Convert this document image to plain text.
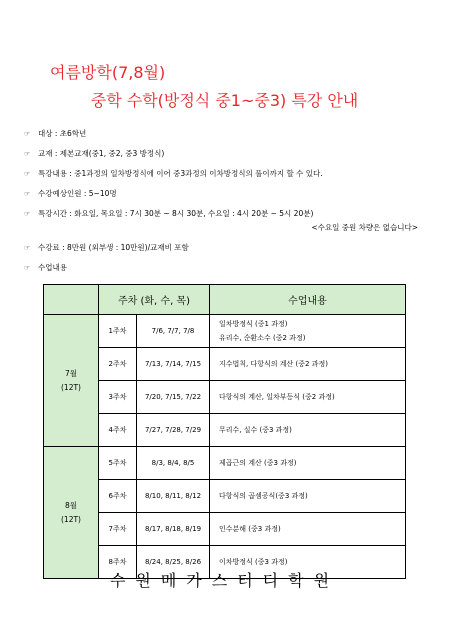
여름방학(7,8월)
중학 수학(방정식 중1~중3) 특강 안내
☞ 대상 : 초6학년
☞ 교재 : 제본교재(중1, 중2, 중3 방정식)
☞ 특강내용 : 중1과정의 일차방정식에 이어 중3과정의 이차방정식의 풀이까지 할 수 있다.
☞ 수강예상인원 : 5~10명
☞ 특강시간 : 화요일, 목요일 : 7시 30분 ~ 8시 30분, 수요일 : 4시 20분 ~ 5시 20분)
<수요일 중원 차량은 없습니다>
☞ 수강료 : 8만원 (외부생 : 10만원)/교재비 포함
☞ 수업내용
	주차 (화, 수, 목)		수업내용
7월
(12T)	1주차	7/6, 7/7, 7/8	일차방정식 (중1 과정)
유리수, 순환소수 (중2 과정)
	2주차	7/13, 7/14, 7/15	지수법칙, 다항식의 계산 (중2 과정)
	3주차	7/20, 7/15, 7/22	다항식의 계산, 일차부등식 (중2 과정)
	4주차	7/27, 7/28, 7/29	무리수, 실수 (중3 과정)
8월
(12T)	5주차	8/3, 8/4, 8/5	제곱근의 계산 (중3 과정)
	6주차	8/10, 8/11, 8/12	다항식의 곱셈공식(중3 과정)
	7주차	8/17, 8/18, 8/19	인수분해 (중3 과정)
	8주차	8/24, 8/25, 8/26	이차방정식 (중3 과정)
수원메가스터디학원
